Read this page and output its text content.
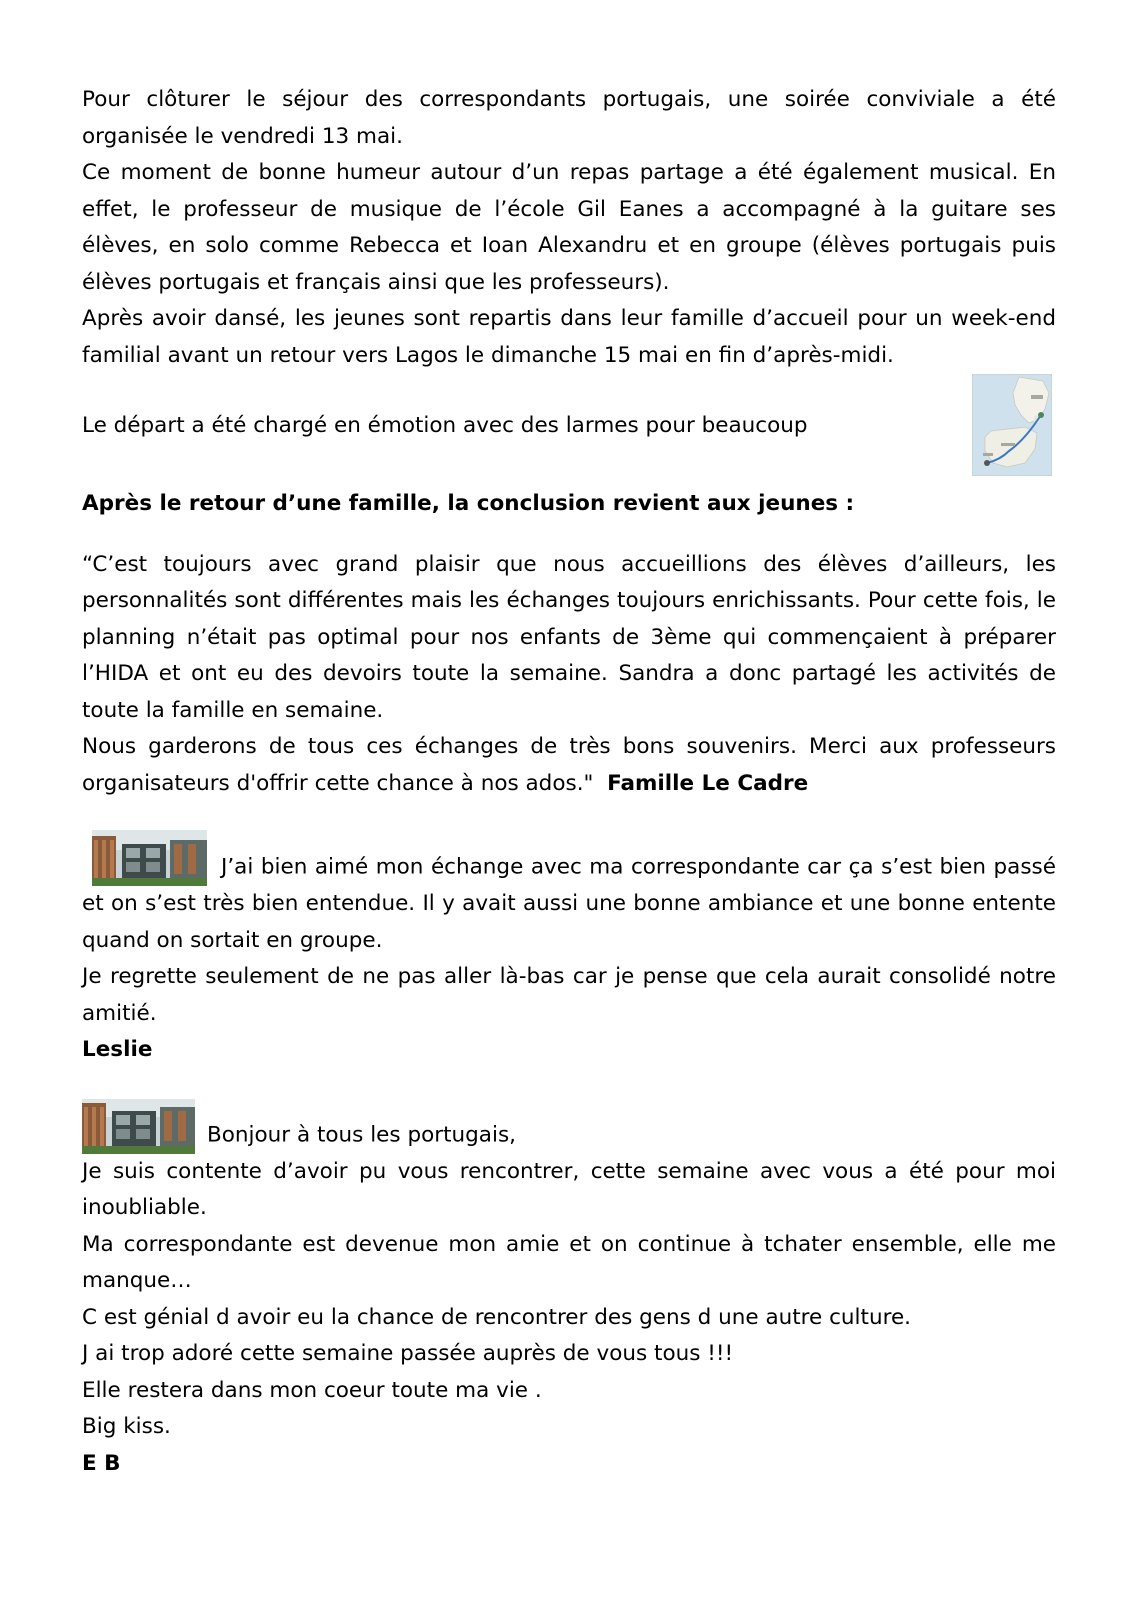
Pour clôturer le séjour des correspondants portugais, une soirée conviviale a été organisée le vendredi 13 mai.

Ce moment de bonne humeur autour d’un repas partage a été également musical. En effet, le professeur de musique de l’école Gil Eanes a accompagné à la guitare ses élèves, en solo comme Rebecca et Ioan Alexandru et en groupe (élèves portugais puis élèves portugais et français ainsi que les professeurs).

Après avoir dansé, les jeunes sont repartis dans leur famille d’accueil pour un week-end familial avant un retour vers Lagos le dimanche 15 mai en fin d’après-midi.

Le départ a été chargé en émotion avec des larmes pour beaucoup

Après le retour d’une famille, la conclusion revient aux jeunes :

“C’est toujours avec grand plaisir que nous accueillions des élèves d’ailleurs, les personnalités sont différentes mais les échanges toujours enrichissants. Pour cette fois, le planning n’était pas optimal pour nos enfants de 3ème qui commençaient à préparer l’HIDA et ont eu des devoirs toute la semaine. Sandra a donc partagé les activités de toute la famille en semaine.

Nous garderons de tous ces échanges de très bons souvenirs. Merci aux professeurs organisateurs d'offrir cette chance à nos ados." Famille Le Cadre

J’ai bien aimé mon échange avec ma correspondante car ça s’est bien passé et on s’est très bien entendue. Il y avait aussi une bonne ambiance et une bonne entente quand on sortait en groupe.

Je regrette seulement de ne pas aller là-bas car je pense que cela aurait consolidé notre amitié.

Leslie

Bonjour à tous les portugais,

Je suis contente d’avoir pu vous rencontrer, cette semaine avec vous a été pour moi inoubliable.

Ma correspondante est devenue mon amie et on continue à tchater ensemble, elle me manque…

C est génial d avoir eu la chance de rencontrer des gens d une autre culture.

J ai trop adoré cette semaine passée auprès de vous tous !!!

Elle restera dans mon coeur toute ma vie .

Big kiss.

E B
